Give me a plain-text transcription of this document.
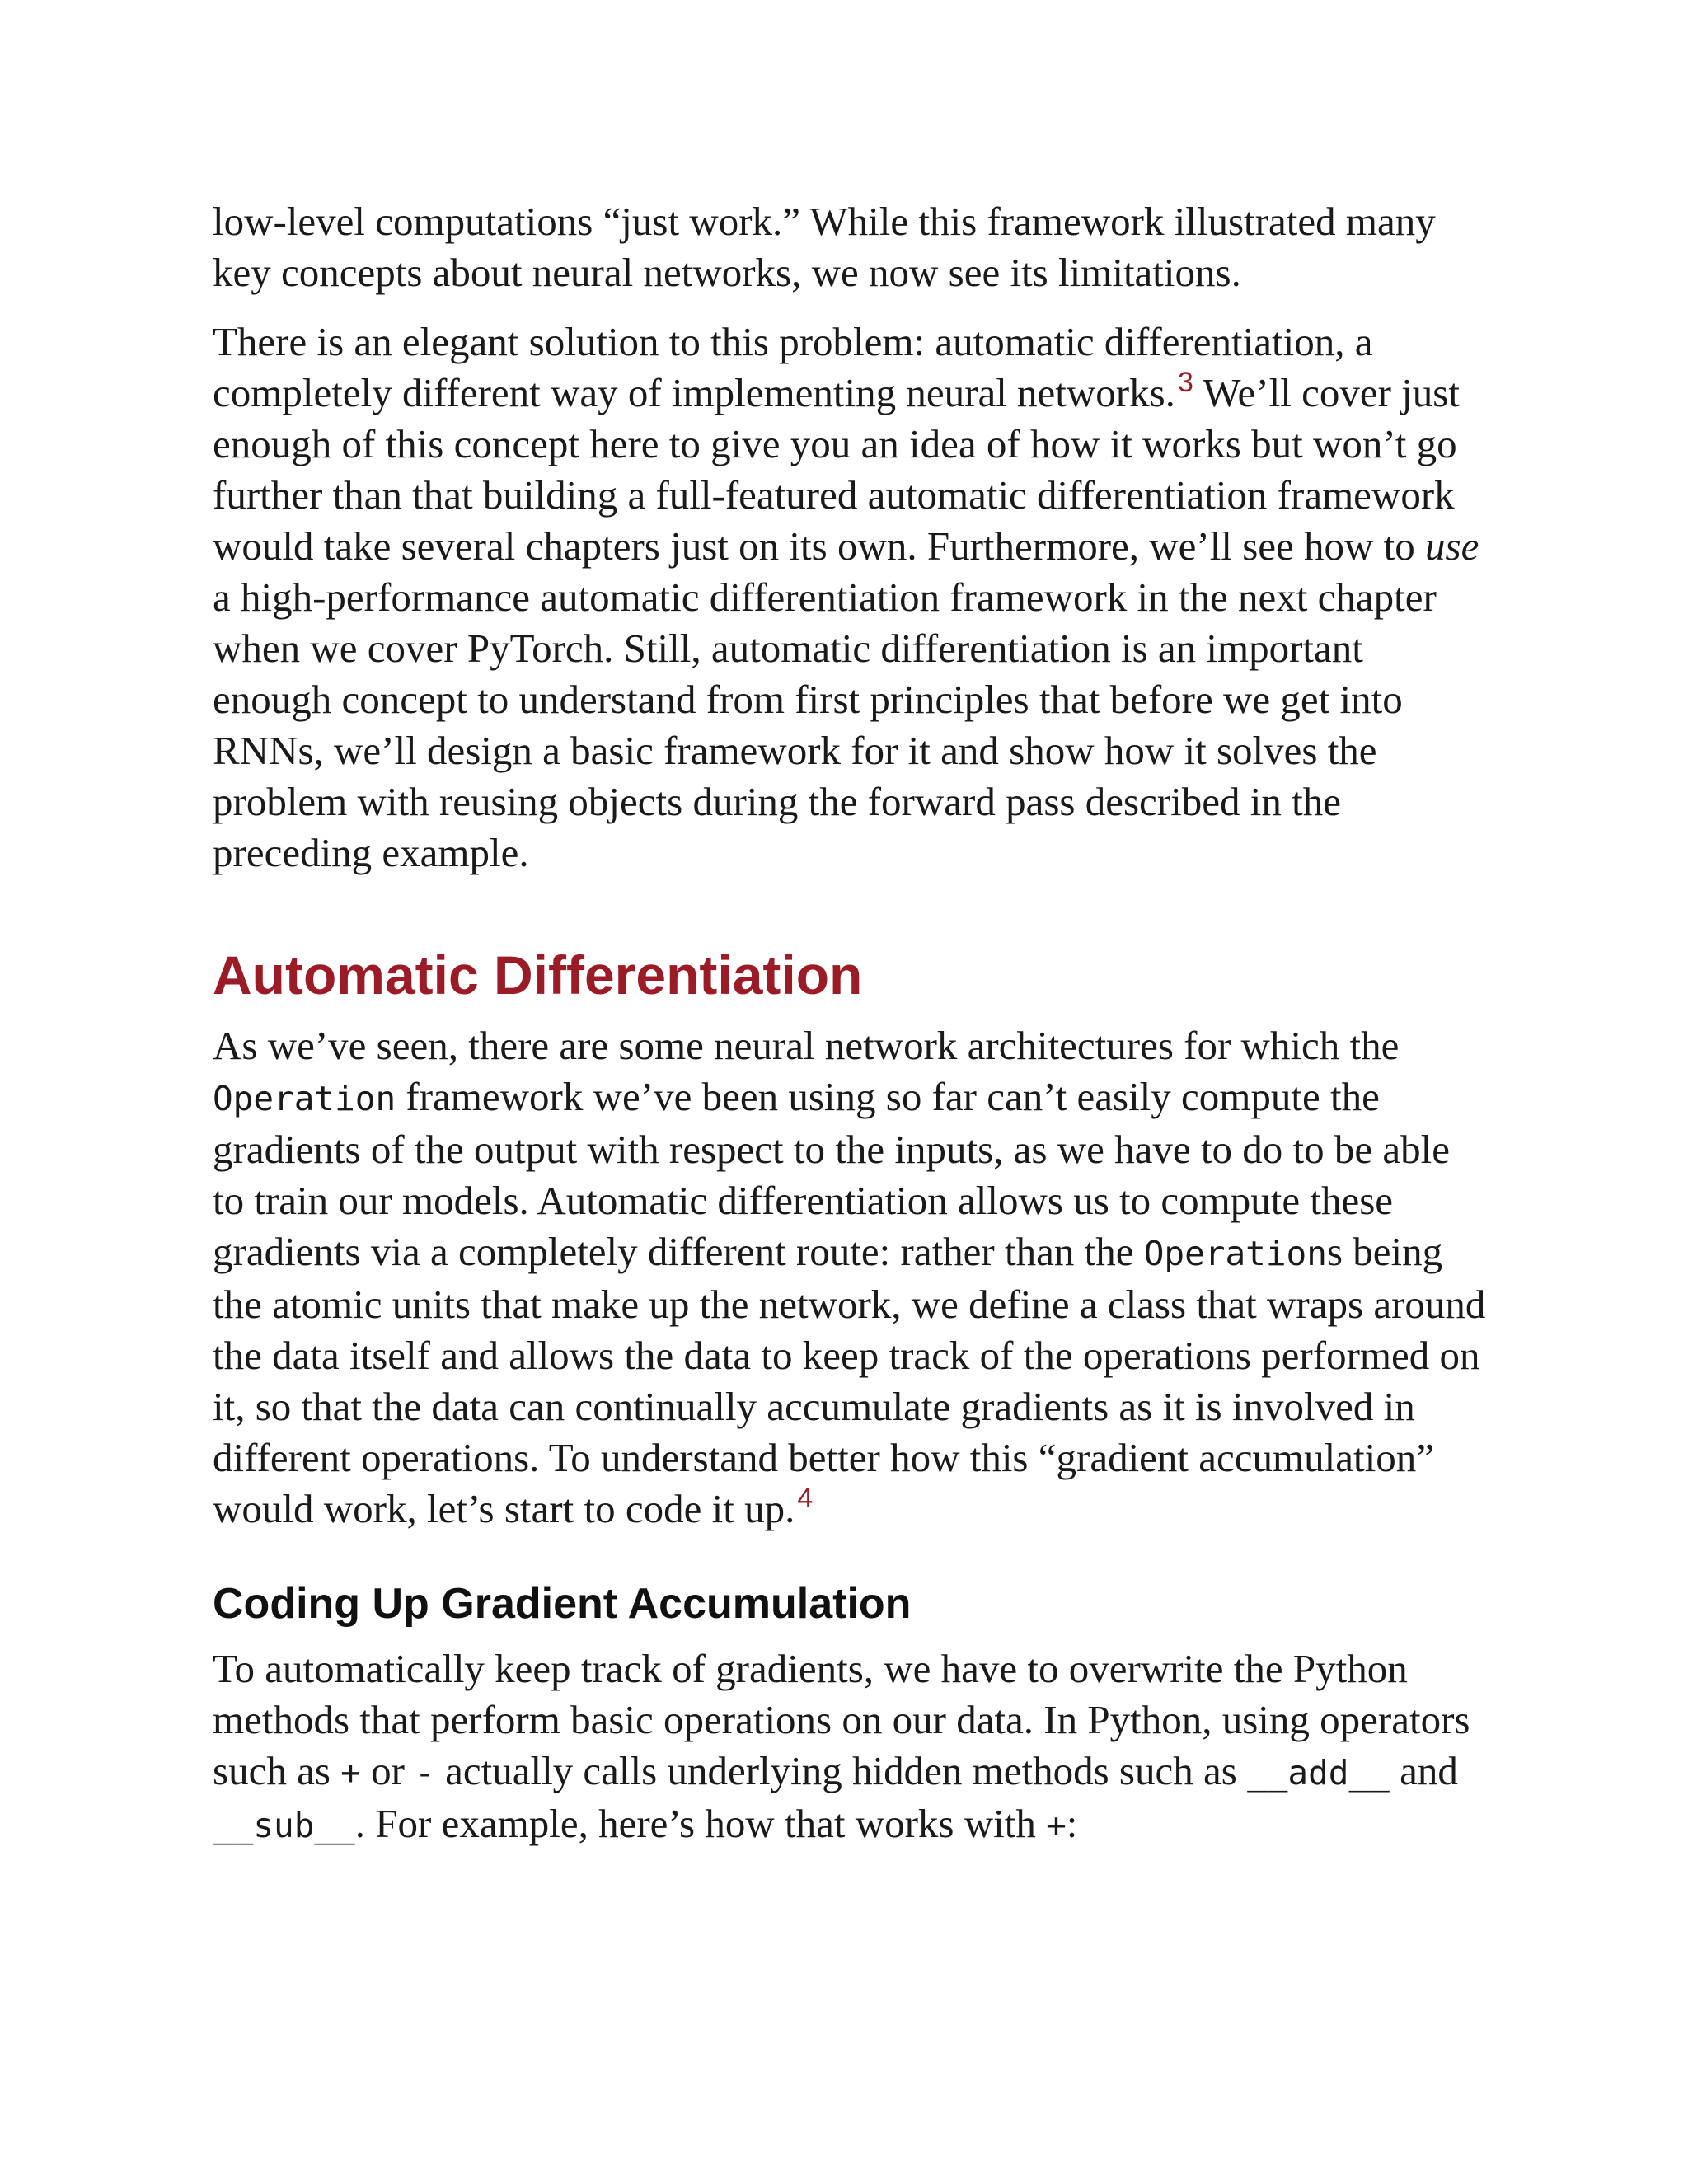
low-level computations “just work.” While this framework illustrated many key concepts about neural networks, we now see its limitations.

There is an elegant solution to this problem: automatic differentiation, a completely different way of implementing neural networks.$^3$ We’ll cover just enough of this concept here to give you an idea of how it works but won’t go further than that building a full-featured automatic differentiation framework would take several chapters just on its own. Furthermore, we’ll see how to use a high-performance automatic differentiation framework in the next chapter when we cover PyTorch. Still, automatic differentiation is an important enough concept to understand from first principles that before we get into RNNs, we’ll design a basic framework for it and show how it solves the problem with reusing objects during the forward pass described in the preceding example.

Automatic Differentiation

As we’ve seen, there are some neural network architectures for which the Operation framework we’ve been using so far can’t easily compute the gradients of the output with respect to the inputs, as we have to do to be able to train our models. Automatic differentiation allows us to compute these gradients via a completely different route: rather than the Operations being the atomic units that make up the network, we define a class that wraps around the data itself and allows the data to keep track of the operations performed on it, so that the data can continually accumulate gradients as it is involved in different operations. To understand better how this “gradient accumulation” would work, let’s start to code it up.$^4$

Coding Up Gradient Accumulation

To automatically keep track of gradients, we have to overwrite the Python methods that perform basic operations on our data. In Python, using operators such as + or - actually calls underlying hidden methods such as __add__ and __sub__. For example, here’s how that works with +:
